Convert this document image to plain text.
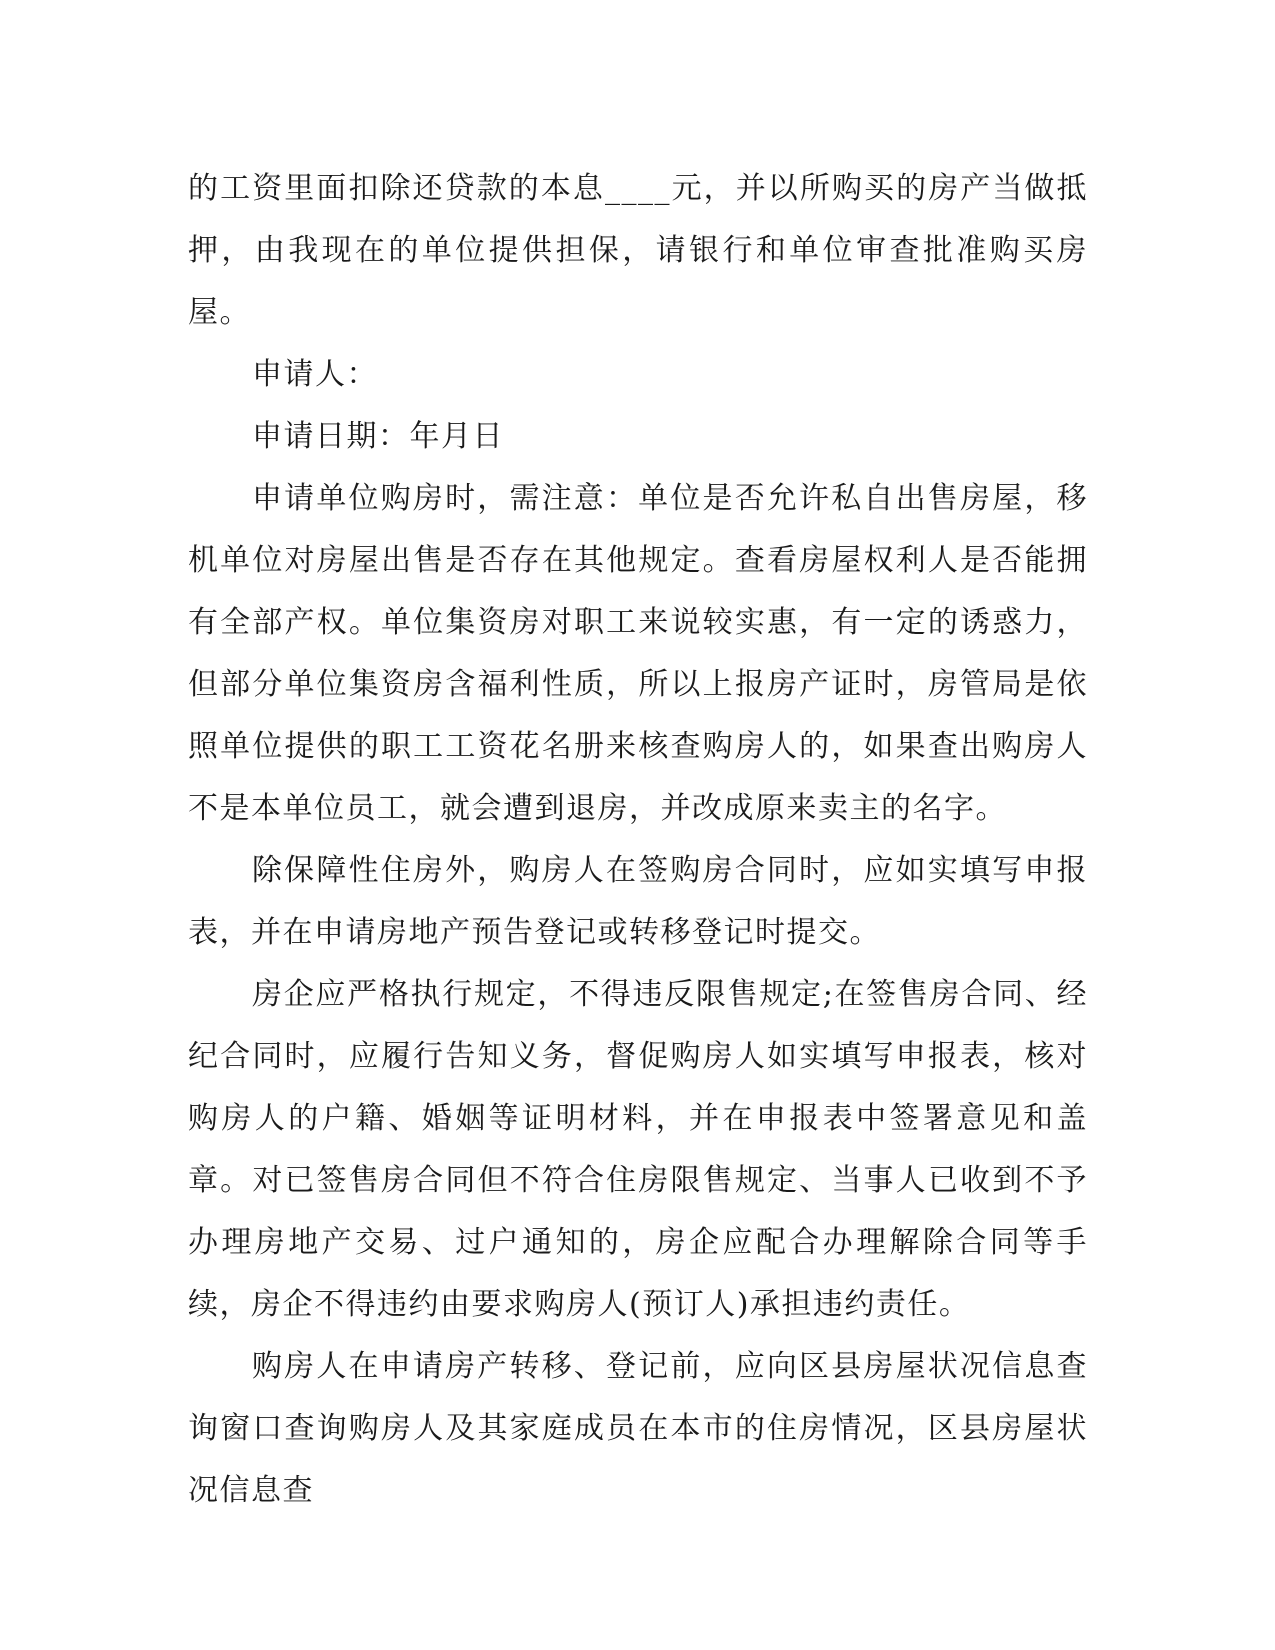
的工资里面扣除还贷款的本息____元，并以所购买的房产当做抵押，由我现在的单位提供担保，请银行和单位审查批准购买房屋。

申请人：

申请日期：年月日

申请单位购房时，需注意：单位是否允许私自出售房屋，移机单位对房屋出售是否存在其他规定。查看房屋权利人是否能拥有全部产权。单位集资房对职工来说较实惠，有一定的诱惑力，但部分单位集资房含福利性质，所以上报房产证时，房管局是依照单位提供的职工工资花名册来核查购房人的，如果查出购房人不是本单位员工，就会遭到退房，并改成原来卖主的名字。

除保障性住房外，购房人在签购房合同时，应如实填写申报表，并在申请房地产预告登记或转移登记时提交。

房企应严格执行规定，不得违反限售规定;在签售房合同、经纪合同时，应履行告知义务，督促购房人如实填写申报表，核对购房人的户籍、婚姻等证明材料，并在申报表中签署意见和盖章。对已签售房合同但不符合住房限售规定、当事人已收到不予办理房地产交易、过户通知的，房企应配合办理解除合同等手续，房企不得违约由要求购房人(预订人)承担违约责任。

购房人在申请房产转移、登记前，应向区县房屋状况信息查询窗口查询购房人及其家庭成员在本市的住房情况，区县房屋状况信息查
